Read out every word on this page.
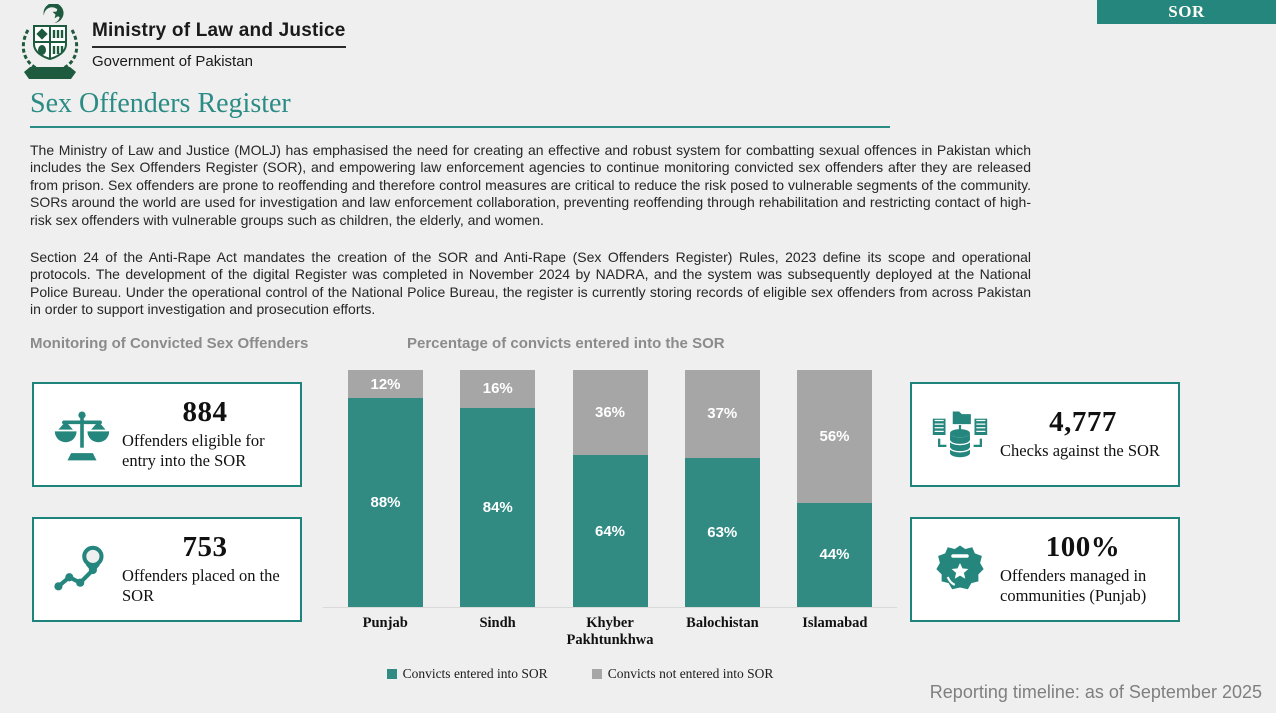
Ministry of Law and Justice
Government of Pakistan
SOR
Sex Offenders Register

The Ministry of Law and Justice (MOLJ) has emphasised the need for creating an effective and robust system for combatting sexual offences in Pakistan which includes the Sex Offenders Register (SOR), and empowering law enforcement agencies to continue monitoring convicted sex offenders after they are released from prison. Sex offenders are prone to reoffending and therefore control measures are critical to reduce the risk posed to vulnerable segments of the community. SORs around the world are used for investigation and law enforcement collaboration, preventing reoffending through rehabilitation and restricting contact of high-risk sex offenders with vulnerable groups such as children, the elderly, and women.

Section 24 of the Anti-Rape Act mandates the creation of the SOR and Anti-Rape (Sex Offenders Register) Rules, 2023 define its scope and operational protocols. The development of the digital Register was completed in November 2024 by NADRA, and the system was subsequently deployed at the National Police Bureau. Under the operational control of the National Police Bureau, the register is currently storing records of eligible sex offenders from across Pakistan in order to support investigation and prosecution efforts.

Monitoring of Convicted Sex Offenders	Percentage of convicts entered into the SOR
884
Offenders eligible for entry into the SOR
753
Offenders placed on the SOR
4,777
Checks against the SOR
100%
Offenders managed in communities (Punjab)
12%
88%
16%
84%
36%
64%
37%
63%
56%
44%
Punjab	Sindh	Khyber Pakhtunkhwa
Balochistan	Islamabad
Convicts entered into SOR	Convicts not entered into SOR
Reporting timeline: as of September 2025
